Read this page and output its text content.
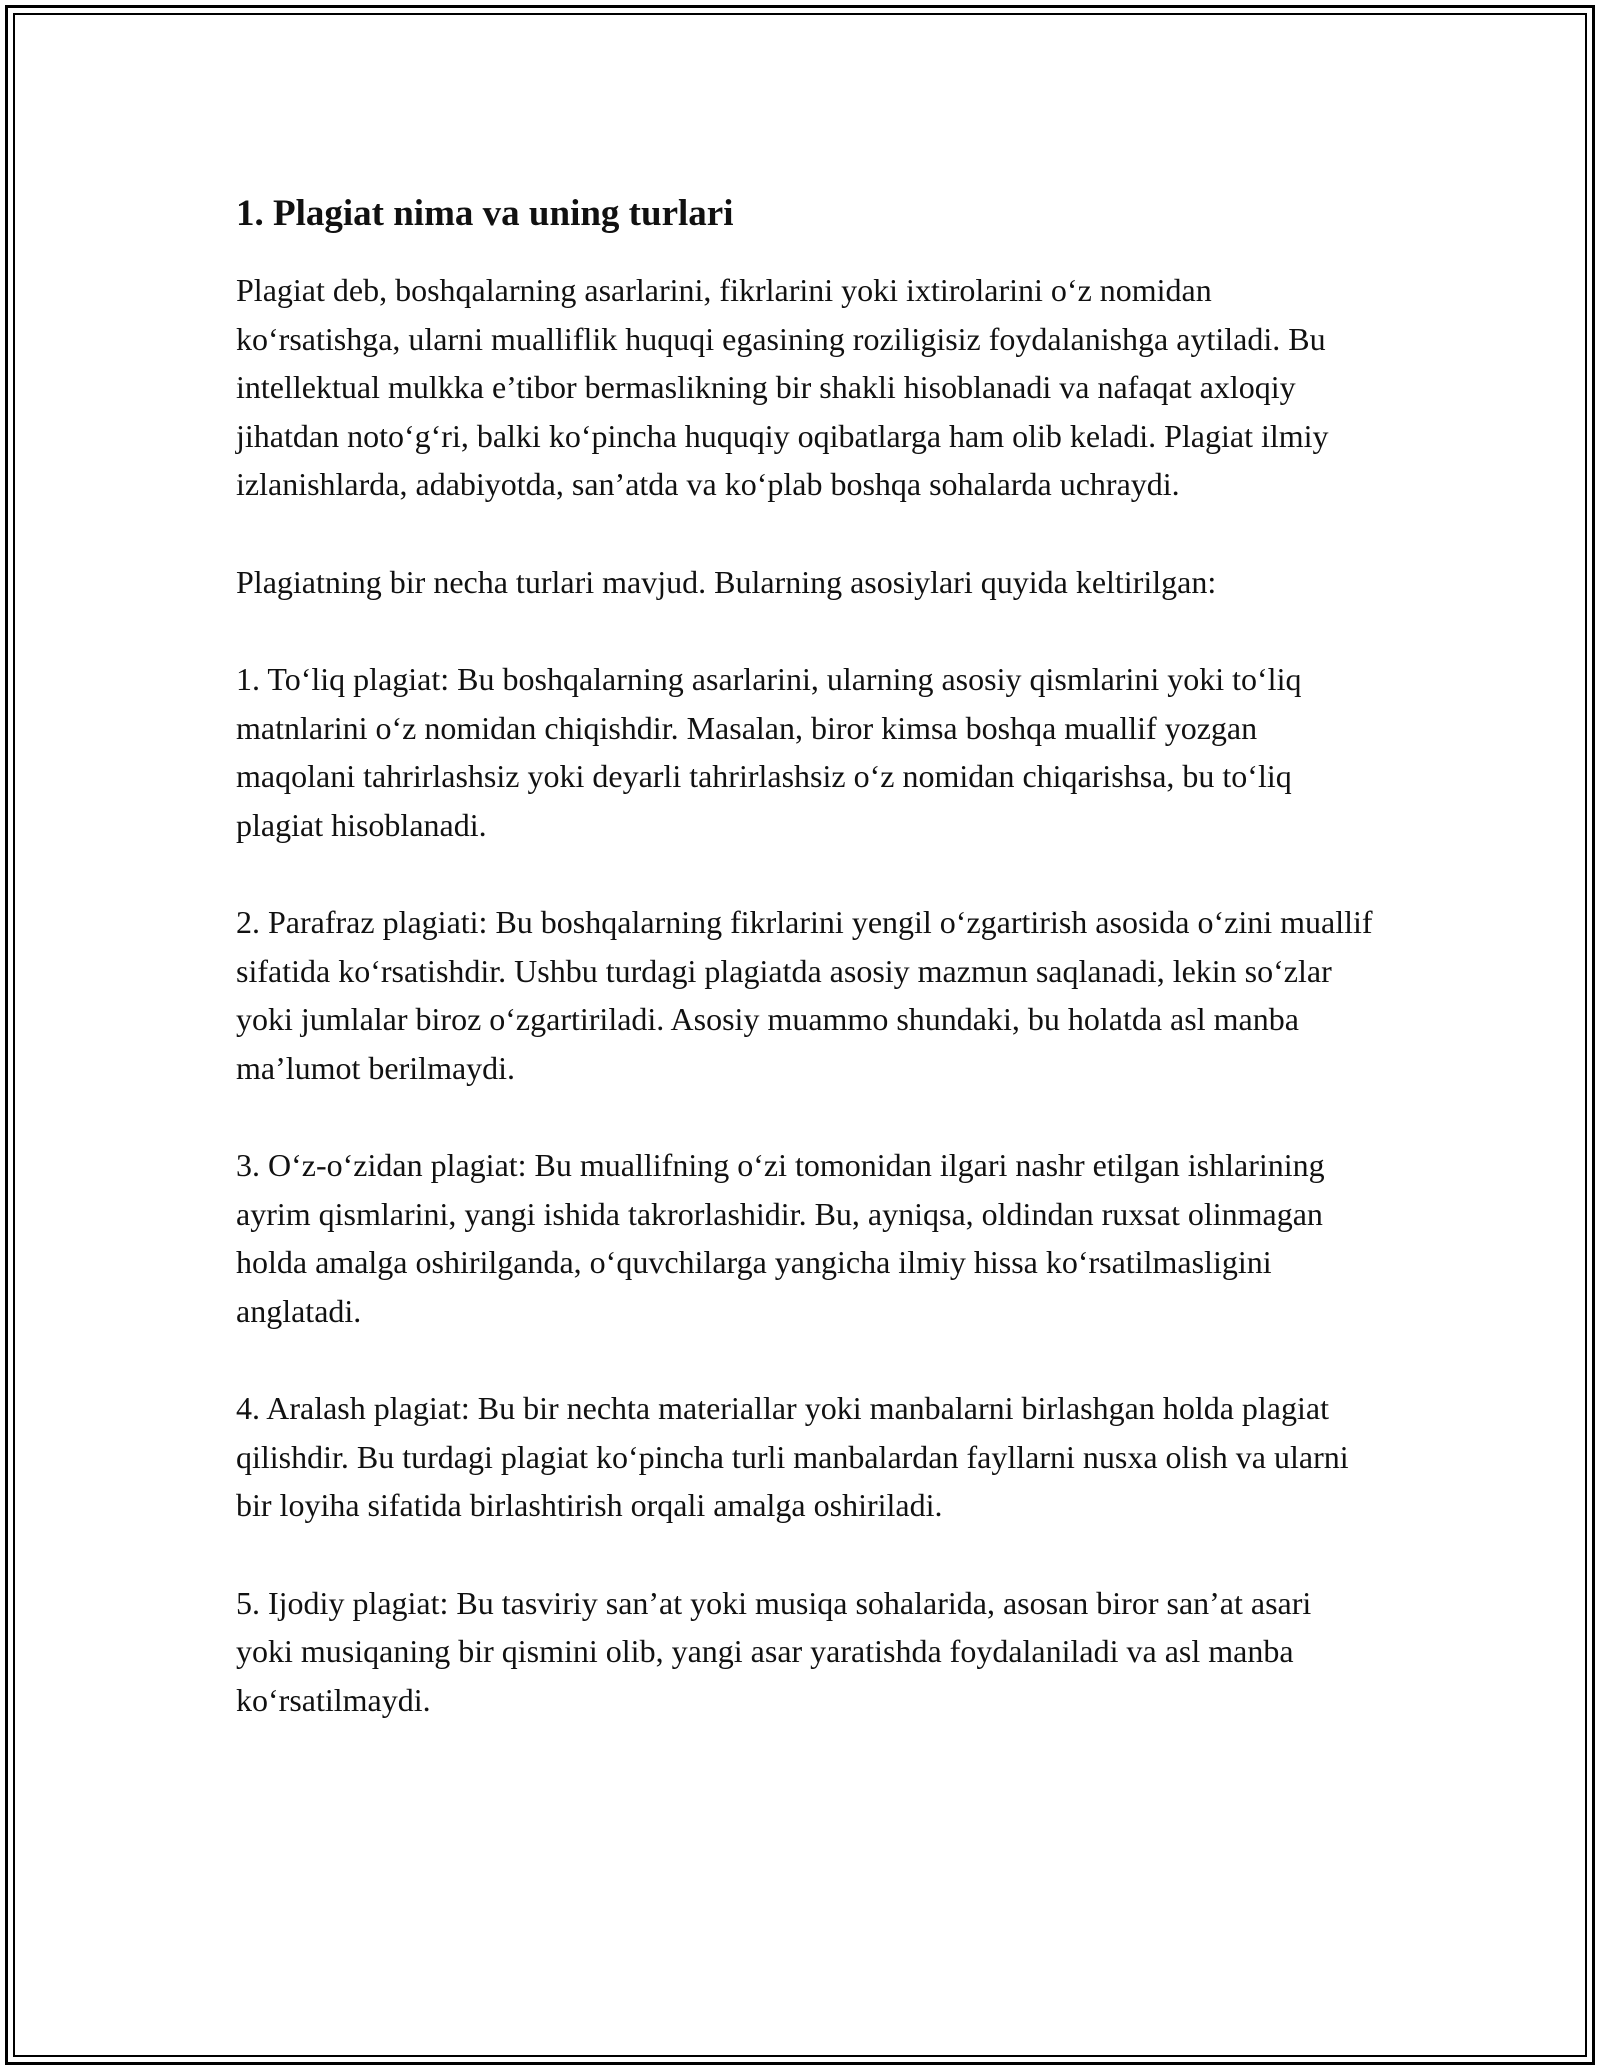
1. Plagiat nima va uning turlari

Plagiat deb, boshqalarning asarlarini, fikrlarini yoki ixtirolarini o‘z nomidan ko‘rsatishga, ularni mualliflik huquqi egasining roziligisiz foydalanishga aytiladi. Bu intellektual mulkka e’tibor bermaslikning bir shakli hisoblanadi va nafaqat axloqiy jihatdan noto‘g‘ri, balki ko‘pincha huquqiy oqibatlarga ham olib keladi. Plagiat ilmiy izlanishlarda, adabiyotda, san’atda va ko‘plab boshqa sohalarda uchraydi.

Plagiatning bir necha turlari mavjud. Bularning asosiylari quyida keltirilgan:

1. To‘liq plagiat: Bu boshqalarning asarlarini, ularning asosiy qismlarini yoki to‘liq matnlarini o‘z nomidan chiqishdir. Masalan, biror kimsa boshqa muallif yozgan maqolani tahrirlashsiz yoki deyarli tahrirlashsiz o‘z nomidan chiqarishsa, bu to‘liq plagiat hisoblanadi.

2. Parafraz plagiati: Bu boshqalarning fikrlarini yengil o‘zgartirish asosida o‘zini muallif sifatida ko‘rsatishdir. Ushbu turdagi plagiatda asosiy mazmun saqlanadi, lekin so‘zlar yoki jumlalar biroz o‘zgartiriladi. Asosiy muammo shundaki, bu holatda asl manba ma’lumot berilmaydi.

3. O‘z-o‘zidan plagiat: Bu muallifning o‘zi tomonidan ilgari nashr etilgan ishlarining ayrim qismlarini, yangi ishida takrorlashidir. Bu, ayniqsa, oldindan ruxsat olinmagan holda amalga oshirilganda, o‘quvchilarga yangicha ilmiy hissa ko‘rsatilmasligini anglatadi.

4. Aralash plagiat: Bu bir nechta materiallar yoki manbalarni birlashgan holda plagiat qilishdir. Bu turdagi plagiat ko‘pincha turli manbalardan fayllarni nusxa olish va ularni bir loyiha sifatida birlashtirish orqali amalga oshiriladi.

5. Ijodiy plagiat: Bu tasviriy san’at yoki musiqa sohalarida, asosan biror san’at asari yoki musiqaning bir qismini olib, yangi asar yaratishda foydalaniladi va asl manba ko‘rsatilmaydi.
